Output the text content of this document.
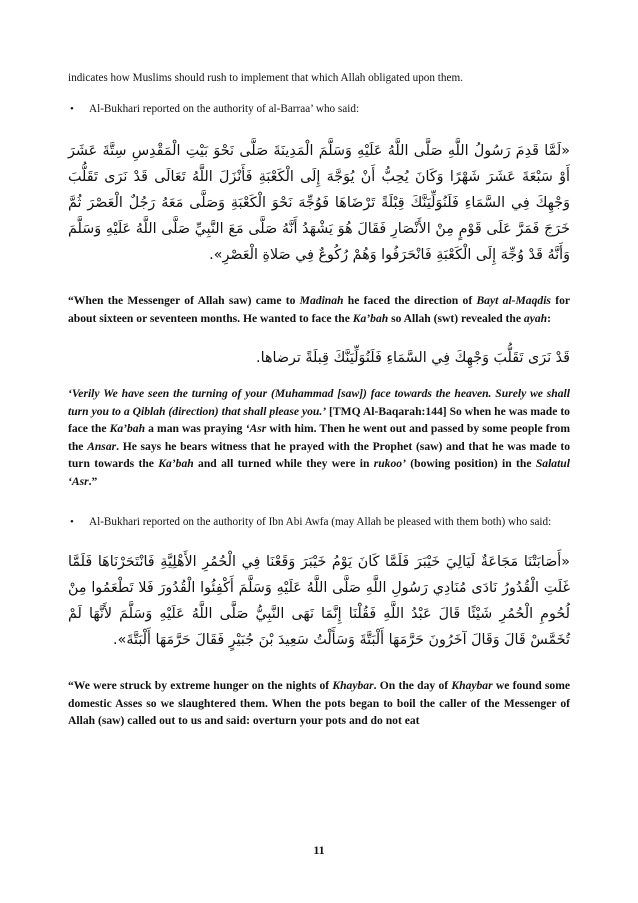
indicates how Muslims should rush to implement that which Allah obligated upon them.

• Al-Bukhari reported on the authority of al-Barraa’ who said:

«لَمَّا قَدِمَ رَسُولُ اللَّهِ صَلَّى اللَّهُ عَلَيْهِ وَسَلَّمَ الْمَدِينَةَ صَلَّى نَحْوَ بَيْتِ الْمَقْدِسِ سِتَّةَ عَشَرَ أَوْ سَبْعَةَ عَشَرَ شَهْرًا وَكَانَ يُحِبُّ أَنْ يُوَجَّهَ إِلَى الْكَعْبَةِ فَأَنْزَلَ اللَّهُ تَعَالَى قَدْ نَرَى تَقَلُّبَ وَجْهِكَ فِي السَّمَاءِ فَلَنُوَلِّيَنَّكَ قِبْلَةً تَرْضَاهَا فَوُجِّهَ نَحْوَ الْكَعْبَةِ وَصَلَّى مَعَهُ رَجُلٌ الْعَصْرَ ثُمَّ خَرَجَ فَمَرَّ عَلَى قَوْمٍ مِنْ الأَنْصَارِ فَقَالَ هُوَ يَشْهَدُ أَنَّهُ صَلَّى مَعَ النَّبِيِّ صَلَّى اللَّهُ عَلَيْهِ وَسَلَّمَ وَأَنَّهُ قَدْ وُجِّهَ إِلَى الْكَعْبَةِ فَانْحَرَفُوا وَهُمْ رُكُوعٌ فِي صَلاةِ الْعَصْرِ».

“When the Messenger of Allah saw) came to Madinah he faced the direction of Bayt al-Maqdis for about sixteen or seventeen months. He wanted to face the Ka’bah so Allah (swt) revealed the ayah:

قَدْ نَرَى تَقَلُّبَ وَجْهِكَ فِي السَّمَاءِ فَلَنُوَلِّيَنَّكَ قِبلَةً ترضاها.

‘Verily We have seen the turning of your (Muhammad [saw]) face towards the heaven. Surely we shall turn you to a Qiblah (direction) that shall please you.’ [TMQ Al-Baqarah:144] So when he was made to face the Ka’bah a man was praying ‘Asr with him. Then he went out and passed by some people from the Ansar. He says he bears witness that he prayed with the Prophet (saw) and that he was made to turn towards the Ka’bah and all turned while they were in rukoo’ (bowing position) in the Salatul ‘Asr.”

• Al-Bukhari reported on the authority of Ibn Abi Awfa (may Allah be pleased with them both) who said:

«أَصَابَتْنَا مَجَاعَةٌ لَيَالِيَ خَيْبَرَ فَلَمَّا كَانَ يَوْمُ خَيْبَرَ وَقَعْنَا فِي الْحُمُرِ الأَهْلِيَّةِ فَانْتَحَرْنَاهَا فَلَمَّا غَلَتِ الْقُدُورُ نَادَى مُنَادِي رَسُولِ اللَّهِ صَلَّى اللَّهُ عَلَيْهِ وَسَلَّمَ أَكْفِئُوا الْقُدُورَ فَلا تَطْعَمُوا مِنْ لُحُومِ الْحُمُرِ شَيْئًا قَالَ عَبْدُ اللَّهِ فَقُلْنَا إِنَّمَا نَهَى النَّبِيُّ صَلَّى اللَّهُ عَلَيْهِ وَسَلَّمَ لأَنَّهَا لَمْ تُخَمَّسْ قَالَ وَقَالَ آخَرُونَ حَرَّمَهَا أَلْبَتَّةَ وَسَأَلْتُ سَعِيدَ بْنَ جُبَيْرٍ فَقَالَ حَرَّمَهَا أَلْبَتَّةَ».

“We were struck by extreme hunger on the nights of Khaybar. On the day of Khaybar we found some domestic Asses so we slaughtered them. When the pots began to boil the caller of the Messenger of Allah (saw) called out to us and said: overturn your pots and do not eat

11
